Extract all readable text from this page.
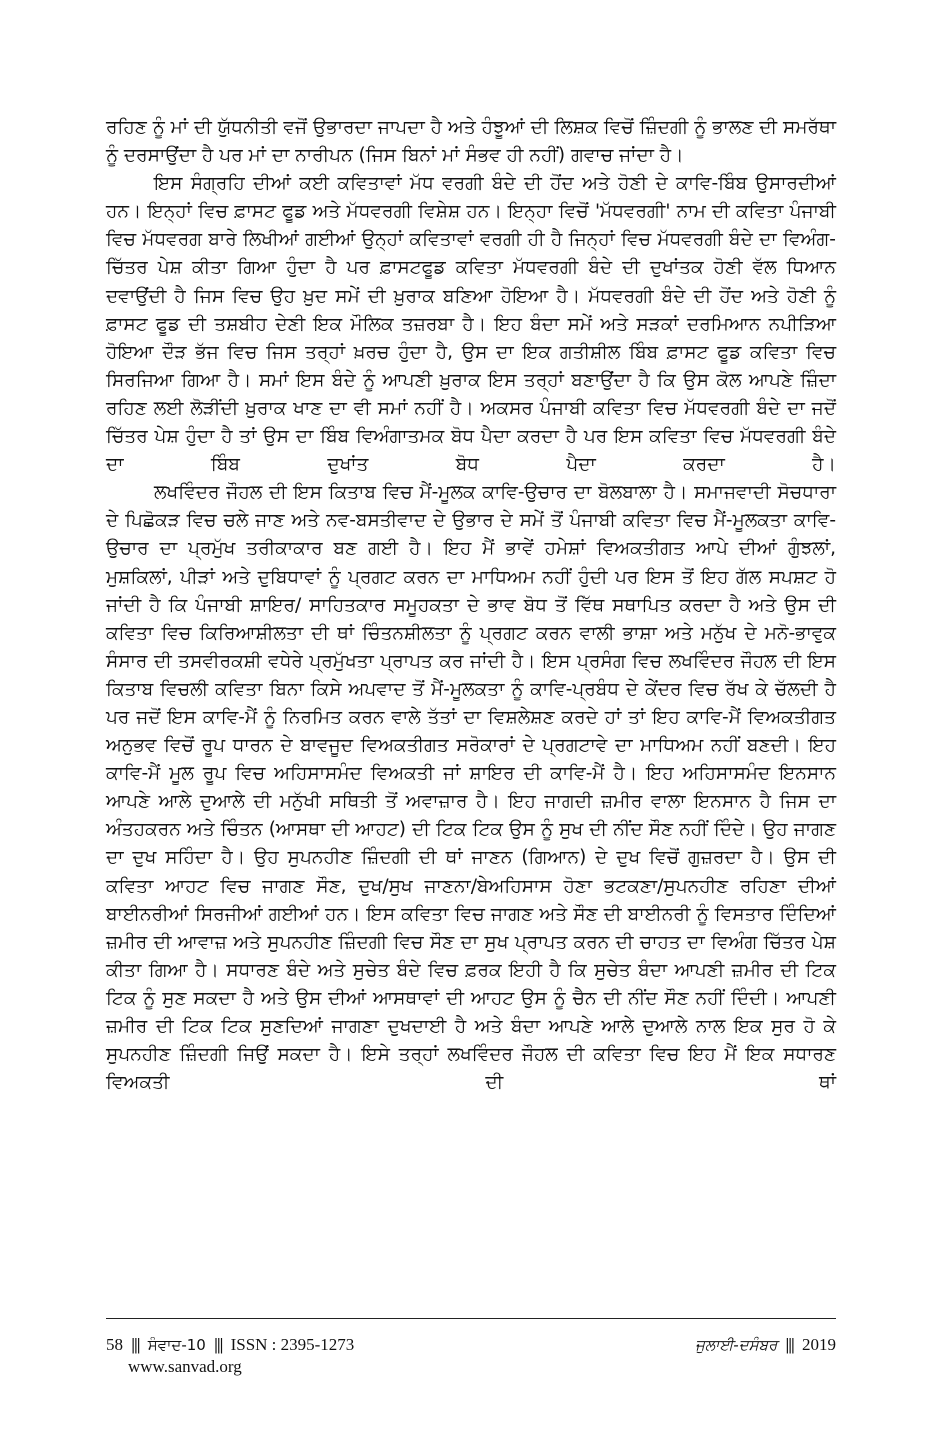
ਰਹਿਣ ਨੂੰ ਮਾਂ ਦੀ ਯੁੱਧਨੀਤੀ ਵਜੋਂ ਉਭਾਰਦਾ ਜਾਪਦਾ ਹੈ ਅਤੇ ਹੰਝੂਆਂ ਦੀ ਲਿਸ਼ਕ ਵਿਚੋਂ ਜ਼ਿੰਦਗੀ ਨੂੰ ਭਾਲਣ ਦੀ ਸਮਰੱਥਾ ਨੂੰ ਦਰਸਾਉਂਦਾ ਹੈ ਪਰ ਮਾਂ ਦਾ ਨਾਰੀਪਨ (ਜਿਸ ਬਿਨਾਂ ਮਾਂ ਸੰਭਵ ਹੀ ਨਹੀਂ) ਗਵਾਚ ਜਾਂਦਾ ਹੈ।

ਇਸ ਸੰਗ੍ਰਹਿ ਦੀਆਂ ਕਈ ਕਵਿਤਾਵਾਂ ਮੱਧ ਵਰਗੀ ਬੰਦੇ ਦੀ ਹੋਂਦ ਅਤੇ ਹੋਣੀ ਦੇ ਕਾਵਿ-ਬਿੰਬ ਉਸਾਰਦੀਆਂ ਹਨ। ਇਨ੍ਹਾਂ ਵਿਚ ਫ਼ਾਸਟ ਫੂਡ ਅਤੇ ਮੱਧਵਰਗੀ ਵਿਸ਼ੇਸ਼ ਹਨ। ਇਨ੍ਹਾ ਵਿਚੋਂ 'ਮੱਧਵਰਗੀ' ਨਾਮ ਦੀ ਕਵਿਤਾ ਪੰਜਾਬੀ ਵਿਚ ਮੱਧਵਰਗ ਬਾਰੇ ਲਿਖੀਆਂ ਗਈਆਂ ਉਨ੍ਹਾਂ ਕਵਿਤਾਵਾਂ ਵਰਗੀ ਹੀ ਹੈ ਜਿਨ੍ਹਾਂ ਵਿਚ ਮੱਧਵਰਗੀ ਬੰਦੇ ਦਾ ਵਿਅੰਗ-ਚਿੱਤਰ ਪੇਸ਼ ਕੀਤਾ ਗਿਆ ਹੁੰਦਾ ਹੈ ਪਰ ਫ਼ਾਸਟਫੂਡ ਕਵਿਤਾ ਮੱਧਵਰਗੀ ਬੰਦੇ ਦੀ ਦੁਖਾਂਤਕ ਹੋਣੀ ਵੱਲ ਧਿਆਨ ਦਵਾਉਂਦੀ ਹੈ ਜਿਸ ਵਿਚ ਉਹ ਖ਼ੁਦ ਸਮੇਂ ਦੀ ਖ਼ੁਰਾਕ ਬਣਿਆ ਹੋਇਆ ਹੈ। ਮੱਧਵਰਗੀ ਬੰਦੇ ਦੀ ਹੋਂਦ ਅਤੇ ਹੋਣੀ ਨੂੰ ਫ਼ਾਸਟ ਫੂਡ ਦੀ ਤਸ਼ਬੀਹ ਦੇਣੀ ਇਕ ਮੌਲਿਕ ਤਜ਼ਰਬਾ ਹੈ। ਇਹ ਬੰਦਾ ਸਮੇਂ ਅਤੇ ਸੜਕਾਂ ਦਰਮਿਆਨ ਨਪੀੜਿਆ ਹੋਇਆ ਦੌੜ ਭੱਜ ਵਿਚ ਜਿਸ ਤਰ੍ਹਾਂ ਖ਼ਰਚ ਹੁੰਦਾ ਹੈ, ਉਸ ਦਾ ਇਕ ਗਤੀਸ਼ੀਲ ਬਿੰਬ ਫ਼ਾਸਟ ਫੂਡ ਕਵਿਤਾ ਵਿਚ ਸਿਰਜਿਆ ਗਿਆ ਹੈ। ਸਮਾਂ ਇਸ ਬੰਦੇ ਨੂੰ ਆਪਣੀ ਖ਼ੁਰਾਕ ਇਸ ਤਰ੍ਹਾਂ ਬਣਾਉਂਦਾ ਹੈ ਕਿ ਉਸ ਕੋਲ ਆਪਣੇ ਜ਼ਿੰਦਾ ਰਹਿਣ ਲਈ ਲੋੜੀਂਦੀ ਖ਼ੁਰਾਕ ਖਾਣ ਦਾ ਵੀ ਸਮਾਂ ਨਹੀਂ ਹੈ। ਅਕਸਰ ਪੰਜਾਬੀ ਕਵਿਤਾ ਵਿਚ ਮੱਧਵਰਗੀ ਬੰਦੇ ਦਾ ਜਦੋਂ ਚਿੱਤਰ ਪੇਸ਼ ਹੁੰਦਾ ਹੈ ਤਾਂ ਉਸ ਦਾ ਬਿੰਬ ਵਿਅੰਗਾਤਮਕ ਬੋਧ ਪੈਦਾ ਕਰਦਾ ਹੈ ਪਰ ਇਸ ਕਵਿਤਾ ਵਿਚ ਮੱਧਵਰਗੀ ਬੰਦੇ ਦਾ ਬਿੰਬ ਦੁਖਾਂਤ ਬੋਧ ਪੈਦਾ ਕਰਦਾ ਹੈ।

ਲਖਵਿੰਦਰ ਜੌਹਲ ਦੀ ਇਸ ਕਿਤਾਬ ਵਿਚ ਮੈਂ-ਮੂਲਕ ਕਾਵਿ-ਉਚਾਰ ਦਾ ਬੋਲਬਾਲਾ ਹੈ। ਸਮਾਜਵਾਦੀ ਸੋਚਧਾਰਾ ਦੇ ਪਿਛੋਕੜ ਵਿਚ ਚਲੇ ਜਾਣ ਅਤੇ ਨਵ-ਬਸਤੀਵਾਦ ਦੇ ਉਭਾਰ ਦੇ ਸਮੇਂ ਤੋਂ ਪੰਜਾਬੀ ਕਵਿਤਾ ਵਿਚ ਮੈਂ-ਮੂਲਕਤਾ ਕਾਵਿ-ਉਚਾਰ ਦਾ ਪ੍ਰਮੁੱਖ ਤਰੀਕਾਕਾਰ ਬਣ ਗਈ ਹੈ। ਇਹ ਮੈਂ ਭਾਵੇਂ ਹਮੇਸ਼ਾਂ ਵਿਅਕਤੀਗਤ ਆਪੇ ਦੀਆਂ ਗੁੰਝਲਾਂ, ਮੁਸ਼ਕਿਲਾਂ, ਪੀੜਾਂ ਅਤੇ ਦੁਬਿਧਾਵਾਂ ਨੂੰ ਪ੍ਰਗਟ ਕਰਨ ਦਾ ਮਾਧਿਅਮ ਨਹੀਂ ਹੁੰਦੀ ਪਰ ਇਸ ਤੋਂ ਇਹ ਗੱਲ ਸਪਸ਼ਟ ਹੋ ਜਾਂਦੀ ਹੈ ਕਿ ਪੰਜਾਬੀ ਸ਼ਾਇਰ/ ਸਾਹਿਤਕਾਰ ਸਮੂਹਕਤਾ ਦੇ ਭਾਵ ਬੋਧ ਤੋਂ ਵਿੱਥ ਸਥਾਪਿਤ ਕਰਦਾ ਹੈ ਅਤੇ ਉਸ ਦੀ ਕਵਿਤਾ ਵਿਚ ਕਿਰਿਆਸ਼ੀਲਤਾ ਦੀ ਥਾਂ ਚਿੰਤਨਸ਼ੀਲਤਾ ਨੂੰ ਪ੍ਰਗਟ ਕਰਨ ਵਾਲੀ ਭਾਸ਼ਾ ਅਤੇ ਮਨੁੱਖ ਦੇ ਮਨੋ-ਭਾਵੁਕ ਸੰਸਾਰ ਦੀ ਤਸਵੀਰਕਸ਼ੀ ਵਧੇਰੇ ਪ੍ਰਮੁੱਖਤਾ ਪ੍ਰਾਪਤ ਕਰ ਜਾਂਦੀ ਹੈ। ਇਸ ਪ੍ਰਸੰਗ ਵਿਚ ਲਖਵਿੰਦਰ ਜੌਹਲ ਦੀ ਇਸ ਕਿਤਾਬ ਵਿਚਲੀ ਕਵਿਤਾ ਬਿਨਾ ਕਿਸੇ ਅਪਵਾਦ ਤੋਂ ਮੈਂ-ਮੂਲਕਤਾ ਨੂੰ ਕਾਵਿ-ਪ੍ਰਬੰਧ ਦੇ ਕੇਂਦਰ ਵਿਚ ਰੱਖ ਕੇ ਚੱਲਦੀ ਹੈ ਪਰ ਜਦੋਂ ਇਸ ਕਾਵਿ-ਮੈਂ ਨੂੰ ਨਿਰਮਿਤ ਕਰਨ ਵਾਲੇ ਤੱਤਾਂ ਦਾ ਵਿਸ਼ਲੇਸ਼ਣ ਕਰਦੇ ਹਾਂ ਤਾਂ ਇਹ ਕਾਵਿ-ਮੈਂ ਵਿਅਕਤੀਗਤ ਅਨੁਭਵ ਵਿਚੋਂ ਰੂਪ ਧਾਰਨ ਦੇ ਬਾਵਜੂਦ ਵਿਅਕਤੀਗਤ ਸਰੋਕਾਰਾਂ ਦੇ ਪ੍ਰਗਟਾਵੇ ਦਾ ਮਾਧਿਅਮ ਨਹੀਂ ਬਣਦੀ। ਇਹ ਕਾਵਿ-ਮੈਂ ਮੂਲ ਰੂਪ ਵਿਚ ਅਹਿਸਾਸਮੰਦ ਵਿਅਕਤੀ ਜਾਂ ਸ਼ਾਇਰ ਦੀ ਕਾਵਿ-ਮੈਂ ਹੈ। ਇਹ ਅਹਿਸਾਸਮੰਦ ਇਨਸਾਨ ਆਪਣੇ ਆਲੇ ਦੁਆਲੇ ਦੀ ਮਨੁੱਖੀ ਸਥਿਤੀ ਤੋਂ ਅਵਾਜ਼ਾਰ ਹੈ। ਇਹ ਜਾਗਦੀ ਜ਼ਮੀਰ ਵਾਲਾ ਇਨਸਾਨ ਹੈ ਜਿਸ ਦਾ ਅੰਤਹਕਰਨ ਅਤੇ ਚਿੰਤਨ (ਆਸਥਾ ਦੀ ਆਹਟ) ਦੀ ਟਿਕ ਟਿਕ ਉਸ ਨੂੰ ਸੁਖ ਦੀ ਨੀਂਦ ਸੌਣ ਨਹੀਂ ਦਿੰਦੇ। ਉਹ ਜਾਗਣ ਦਾ ਦੁਖ ਸਹਿੰਦਾ ਹੈ। ਉਹ ਸੁਪਨਹੀਣ ਜ਼ਿੰਦਗੀ ਦੀ ਥਾਂ ਜਾਣਨ (ਗਿਆਨ) ਦੇ ਦੁਖ ਵਿਚੋਂ ਗੁਜ਼ਰਦਾ ਹੈ। ਉਸ ਦੀ ਕਵਿਤਾ ਆਹਟ ਵਿਚ ਜਾਗਣ ਸੌਣ, ਦੁਖ/ਸੁਖ ਜਾਣਨਾ/ਬੇਅਹਿਸਾਸ ਹੋਣਾ ਭਟਕਣਾ/ਸੁਪਨਹੀਣ ਰਹਿਣਾ ਦੀਆਂ ਬਾਈਨਰੀਆਂ ਸਿਰਜੀਆਂ ਗਈਆਂ ਹਨ। ਇਸ ਕਵਿਤਾ ਵਿਚ ਜਾਗਣ ਅਤੇ ਸੌਣ ਦੀ ਬਾਈਨਰੀ ਨੂੰ ਵਿਸਤਾਰ ਦਿੰਦਿਆਂ ਜ਼ਮੀਰ ਦੀ ਆਵਾਜ਼ ਅਤੇ ਸੁਪਨਹੀਣ ਜ਼ਿੰਦਗੀ ਵਿਚ ਸੌਣ ਦਾ ਸੁਖ ਪ੍ਰਾਪਤ ਕਰਨ ਦੀ ਚਾਹਤ ਦਾ ਵਿਅੰਗ ਚਿੱਤਰ ਪੇਸ਼ ਕੀਤਾ ਗਿਆ ਹੈ। ਸਧਾਰਣ ਬੰਦੇ ਅਤੇ ਸੁਚੇਤ ਬੰਦੇ ਵਿਚ ਫ਼ਰਕ ਇਹੀ ਹੈ ਕਿ ਸੁਚੇਤ ਬੰਦਾ ਆਪਣੀ ਜ਼ਮੀਰ ਦੀ ਟਿਕ ਟਿਕ ਨੂੰ ਸੁਣ ਸਕਦਾ ਹੈ ਅਤੇ ਉਸ ਦੀਆਂ ਆਸਥਾਵਾਂ ਦੀ ਆਹਟ ਉਸ ਨੂੰ ਚੈਨ ਦੀ ਨੀਂਦ ਸੌਣ ਨਹੀਂ ਦਿੰਦੀ। ਆਪਣੀ ਜ਼ਮੀਰ ਦੀ ਟਿਕ ਟਿਕ ਸੁਣਦਿਆਂ ਜਾਗਣਾ ਦੁਖਦਾਈ ਹੈ ਅਤੇ ਬੰਦਾ ਆਪਣੇ ਆਲੇ ਦੁਆਲੇ ਨਾਲ ਇਕ ਸੁਰ ਹੋ ਕੇ ਸੁਪਨਹੀਣ ਜ਼ਿੰਦਗੀ ਜਿਉਂ ਸਕਦਾ ਹੈ। ਇਸੇ ਤਰ੍ਹਾਂ ਲਖਵਿੰਦਰ ਜੌਹਲ ਦੀ ਕਵਿਤਾ ਵਿਚ ਇਹ ਮੈਂ ਇਕ ਸਧਾਰਣ ਵਿਅਕਤੀ ਦੀ ਥਾਂ

58 ||| ਸੰਵਾਦ-10 ||| ISSN : 2395-1273
www.sanvad.org
ਜੁਲਾਈ-ਦਸੰਬਰ ||| 2019
